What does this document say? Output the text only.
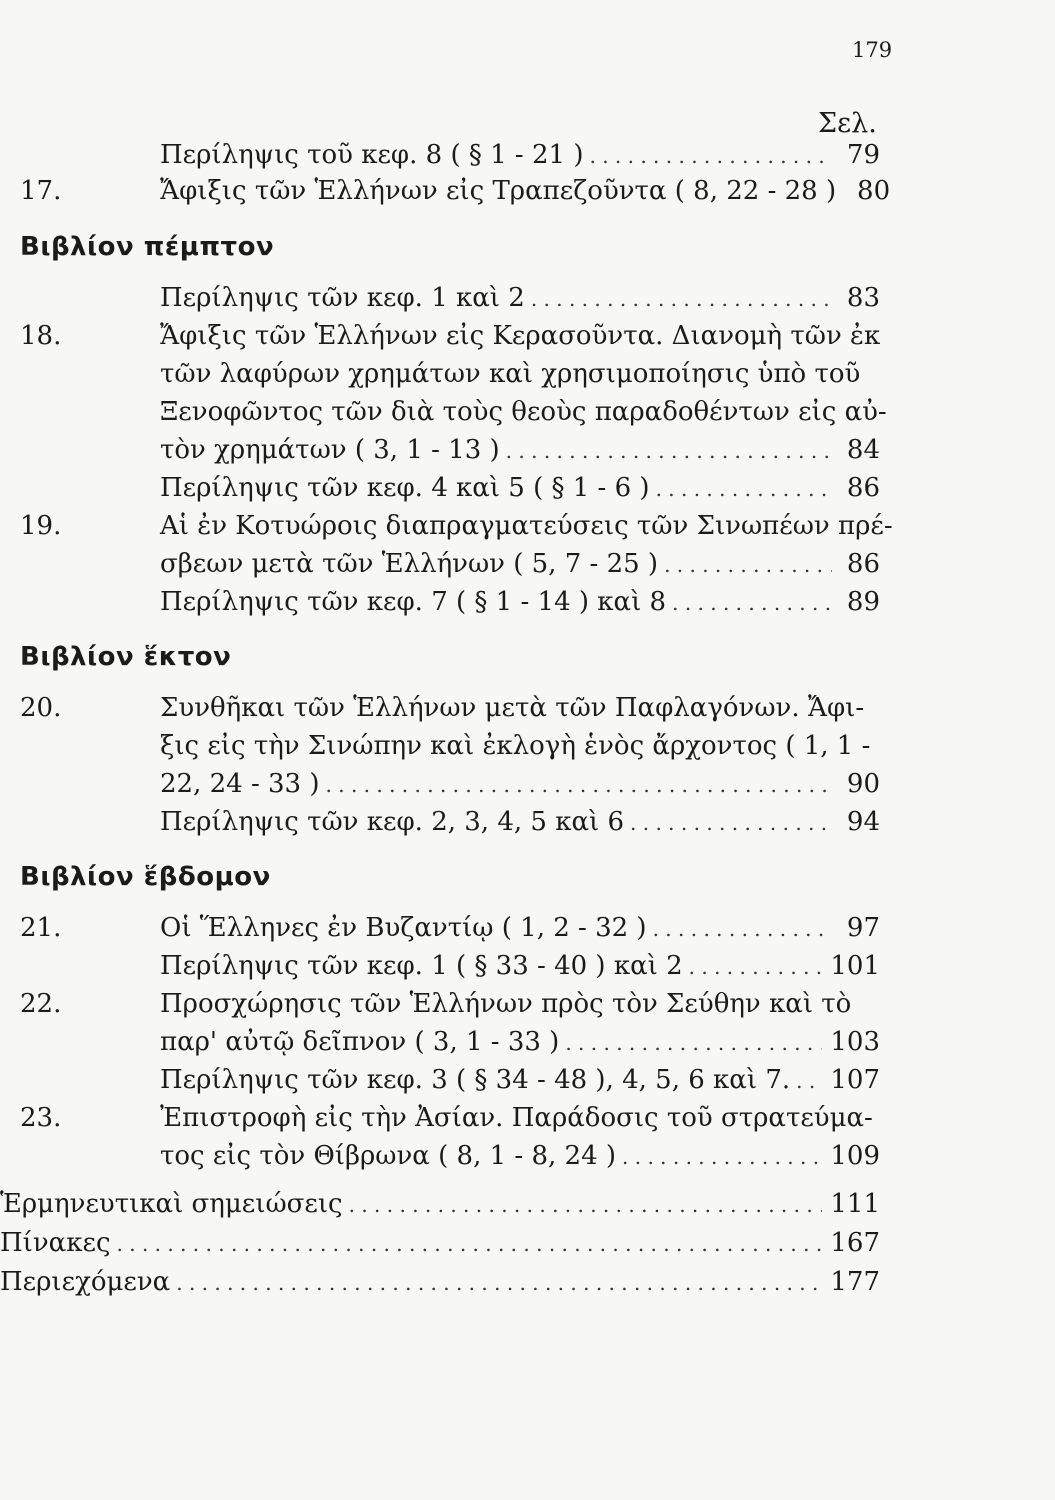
179
Σελ.
Περίληψις τοῦ κεφ. 8 ( § 1 - 21 ) . . .	79
17.	Ἄφιξις τῶν Ἑλλήνων εἰς Τραπεζοῦντα ( 8, 22 - 28 ) 80
Βιβλίον πέμπτον
Περίληψις τῶν κεφ. 1 καὶ 2 . . .	83
18.	Ἄφιξις τῶν Ἑλλήνων εἰς Κερασοῦντα. Διανομὴ τῶν ἐκ
τῶν λαφύρων χρημάτων καὶ χρησιμοποίησις ὑπὸ τοῦ
Ξενοφῶντος τῶν διὰ τοὺς θεοὺς παραδοθέντων εἰς αὐ-
τὸν χρημάτων ( 3, 1 - 13 ) . . .	84
Περίληψις τῶν κεφ. 4 καὶ 5 ( § 1 - 6 ) . . .	86
19.	Αἱ ἐν Κοτυώροις διαπραγματεύσεις τῶν Σινωπέων πρέ-
σβεων μετὰ τῶν Ἑλλήνων ( 5, 7 - 25 ) . . .	86
Περίληψις τῶν κεφ. 7 ( § 1 - 14 ) καὶ 8 . . .	89
Βιβλίον ἕκτον
20.	Συνθῆκαι τῶν Ἑλλήνων μετὰ τῶν Παφλαγόνων. Ἄφι-
ξις εἰς τὴν Σινώπην καὶ ἐκλογὴ ἑνὸς ἄρχοντος ( 1, 1 -
22, 24 - 33 ) . . .	90
Περίληψις τῶν κεφ. 2, 3, 4, 5 καὶ 6 . . .	94
Βιβλίον ἕβδομον
21.	Οἱ Ἕλληνες ἐν Βυζαντίῳ ( 1, 2 - 32 ) . . .	97
Περίληψις τῶν κεφ. 1 ( § 33 - 40 ) καὶ 2 . . .	101
22.	Προσχώρησις τῶν Ἑλλήνων πρὸς τὸν Σεύθην καὶ τὸ
παρ' αὐτῷ δεῖπνον ( 3, 1 - 33 ) . . .	103
Περίληψις τῶν κεφ. 3 ( § 34 - 48 ), 4, 5, 6 καὶ 7. . . . 107
23.	Ἐπιστροφὴ εἰς τὴν Ἀσίαν. Παράδοσις τοῦ στρατεύμα-
τος εἰς τὸν Θίβρωνα ( 8, 1 - 8, 24 ) . . .	109
Ἑρμηνευτικαὶ σημειώσεις . . .	111
Πίνακες . . .	167
Περιεχόμενα . . .	177
